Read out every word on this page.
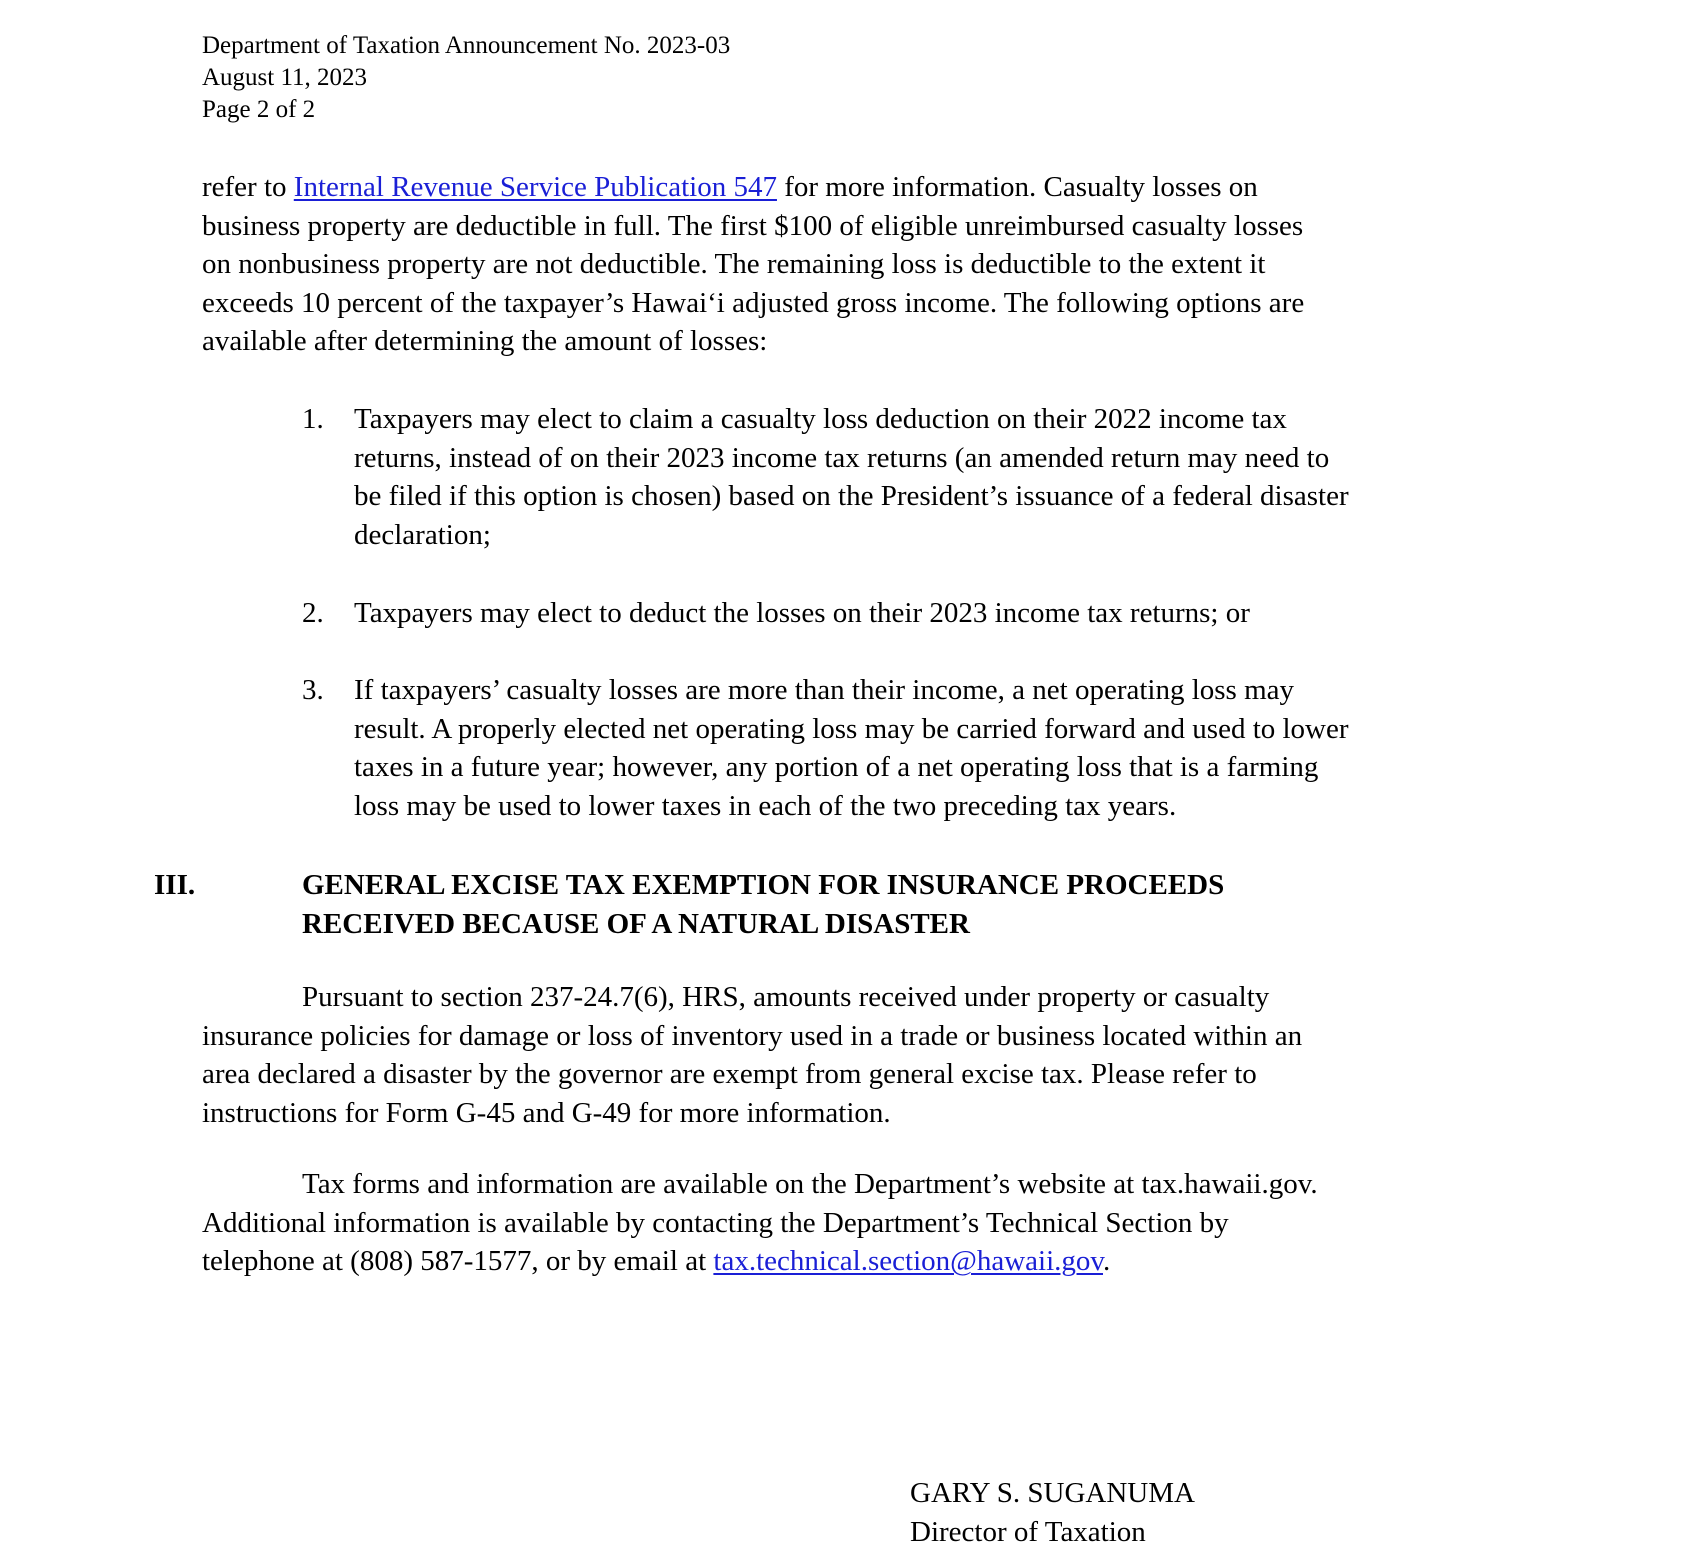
Department of Taxation Announcement No. 2023-03
August 11, 2023
Page 2 of 2
refer to Internal Revenue Service Publication 547 for more information. Casualty losses on
business property are deductible in full. The first $100 of eligible unreimbursed casualty losses
on nonbusiness property are not deductible. The remaining loss is deductible to the extent it
exceeds 10 percent of the taxpayer’s Hawai‘i adjusted gross income. The following options are
available after determining the amount of losses:
1. Taxpayers may elect to claim a casualty loss deduction on their 2022 income tax
returns, instead of on their 2023 income tax returns (an amended return may need to
be filed if this option is chosen) based on the President’s issuance of a federal disaster
declaration;
2. Taxpayers may elect to deduct the losses on their 2023 income tax returns; or
3. If taxpayers’ casualty losses are more than their income, a net operating loss may
result. A properly elected net operating loss may be carried forward and used to lower
taxes in a future year; however, any portion of a net operating loss that is a farming
loss may be used to lower taxes in each of the two preceding tax years.
III.	GENERAL EXCISE TAX EXEMPTION FOR INSURANCE PROCEEDS
RECEIVED BECAUSE OF A NATURAL DISASTER
Pursuant to section 237-24.7(6), HRS, amounts received under property or casualty
insurance policies for damage or loss of inventory used in a trade or business located within an
area declared a disaster by the governor are exempt from general excise tax. Please refer to
instructions for Form G-45 and G-49 for more information.
Tax forms and information are available on the Department’s website at tax.hawaii.gov.
Additional information is available by contacting the Department’s Technical Section by
telephone at (808) 587-1577, or by email at tax.technical.section@hawaii.gov.
GARY S. SUGANUMA
Director of Taxation
